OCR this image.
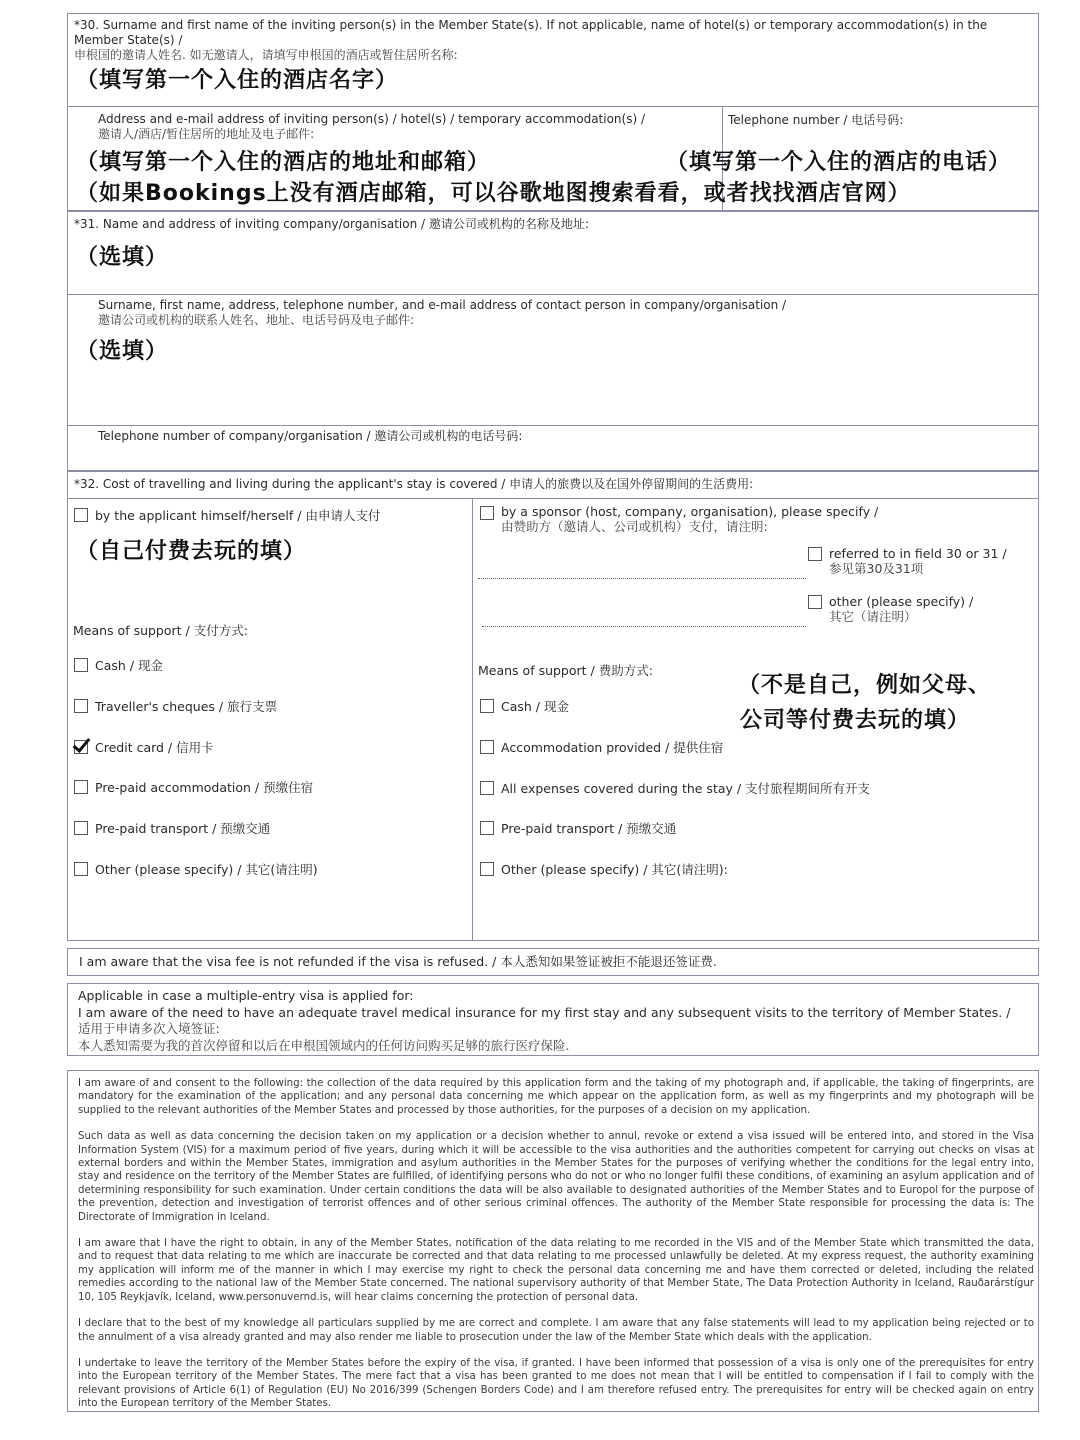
*30. Surname and first name of the inviting person(s) in the Member State(s). If not applicable, name of hotel(s) or temporary accommodation(s) in the Member State(s) /
申根国的邀请人姓名. 如无邀请人，请填写申根国的酒店或暂住居所名称:
（填写第一个入住的酒店名字）
Address and e-mail address of inviting person(s) / hotel(s) / temporary accommodation(s) /
邀请人/酒店/暂住居所的地址及电子邮件:
Telephone number / 电话号码:
（填写第一个入住的酒店的地址和邮箱）	（填写第一个入住的酒店的电话）
（如果Bookings上没有酒店邮箱，可以谷歌地图搜索看看，或者找找酒店官网）
*31. Name and address of inviting company/organisation / 邀请公司或机构的名称及地址:
（选填）
Surname, first name, address, telephone number, and e-mail address of contact person in company/organisation /
邀请公司或机构的联系人姓名、地址、电话号码及电子邮件:
（选填）
Telephone number of company/organisation / 邀请公司或机构的电话号码:
*32. Cost of travelling and living during the applicant's stay is covered / 申请人的旅费以及在国外停留期间的生活费用:
by the applicant himself/herself / 由申请人支付
（自己付费去玩的填）
Means of support / 支付方式:
Cash / 现金
Traveller's cheques / 旅行支票
Credit card / 信用卡
Pre-paid accommodation / 预缴住宿
Pre-paid transport / 预缴交通
Other (please specify) / 其它(请注明)
by a sponsor (host, company, organisation), please specify /
由赞助方（邀请人、公司或机构）支付，请注明:
referred to in field 30 or 31 /
参见第30及31项
other (please specify) /
其它（请注明）
Means of support / 费助方式:
（不是自己，例如父母、
公司等付费去玩的填）
Cash / 现金
Accommodation provided / 提供住宿
All expenses covered during the stay / 支付旅程期间所有开支
Pre-paid transport / 预缴交通
Other (please specify) / 其它(请注明):
I am aware that the visa fee is not refunded if the visa is refused. / 本人悉知如果签证被拒不能退还签证费.
Applicable in case a multiple-entry visa is applied for:
I am aware of the need to have an adequate travel medical insurance for my first stay and any subsequent visits to the territory of Member States. /
适用于申请多次入境签证:
本人悉知需要为我的首次停留和以后在申根国领域内的任何访问购买足够的旅行医疗保险.

I am aware of and consent to the following: the collection of the data required by this application form and the taking of my photograph and, if applicable, the taking of fingerprints, are mandatory for the examination of the application; and any personal data concerning me which appear on the application form, as well as my fingerprints and my photograph will be supplied to the relevant authorities of the Member States and processed by those authorities, for the purposes of a decision on my application.

Such data as well as data concerning the decision taken on my application or a decision whether to annul, revoke or extend a visa issued will be entered into, and stored in the Visa Information System (VIS) for a maximum period of five years, during which it will be accessible to the visa authorities and the authorities competent for carrying out checks on visas at external borders and within the Member States, immigration and asylum authorities in the Member States for the purposes of verifying whether the conditions for the legal entry into, stay and residence on the territory of the Member States are fulfilled, of identifying persons who do not or who no longer fulfil these conditions, of examining an asylum application and of determining responsibility for such examination. Under certain conditions the data will be also available to designated authorities of the Member States and to Europol for the purpose of the prevention, detection and investigation of terrorist offences and of other serious criminal offences. The authority of the Member State responsible for processing the data is: The Directorate of Immigration in Iceland.

I am aware that I have the right to obtain, in any of the Member States, notification of the data relating to me recorded in the VIS and of the Member State which transmitted the data, and to request that data relating to me which are inaccurate be corrected and that data relating to me processed unlawfully be deleted. At my express request, the authority examining my application will inform me of the manner in which I may exercise my right to check the personal data concerning me and have them corrected or deleted, including the related remedies according to the national law of the Member State concerned. The national supervisory authority of that Member State, The Data Protection Authority in Iceland, Rauðarárstígur 10, 105 Reykjavík, Iceland, www.personuvernd.is, will hear claims concerning the protection of personal data.

I declare that to the best of my knowledge all particulars supplied by me are correct and complete. I am aware that any false statements will lead to my application being rejected or to the annulment of a visa already granted and may also render me liable to prosecution under the law of the Member State which deals with the application.

I undertake to leave the territory of the Member States before the expiry of the visa, if granted. I have been informed that possession of a visa is only one of the prerequisites for entry into the European territory of the Member States. The mere fact that a visa has been granted to me does not mean that I will be entitled to compensation if I fail to comply with the relevant provisions of Article 6(1) of Regulation (EU) No 2016/399 (Schengen Borders Code) and I am therefore refused entry. The prerequisites for entry will be checked again on entry into the European territory of the Member States.
